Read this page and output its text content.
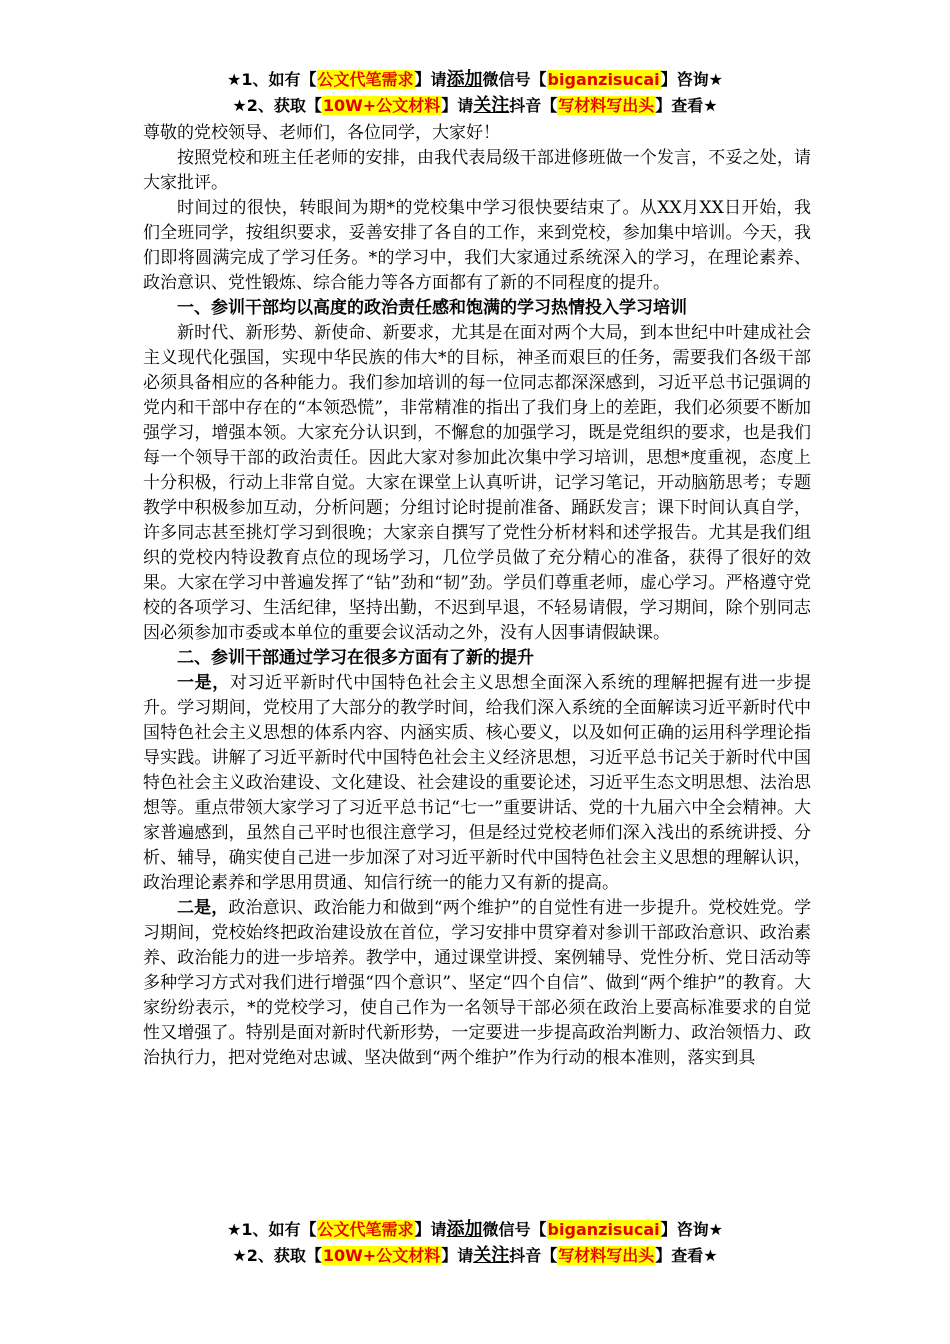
★1、如有【公文代笔需求】请添加微信号【biganzisucai】咨询★
★2、获取【10W+公文材料】请关注抖音【写材料写出头】查看★

尊敬的党校领导、老师们，各位同学，大家好！

按照党校和班主任老师的安排，由我代表局级干部进修班做一个发言，不妥之处，请大家批评。

时间过的很快，转眼间为期*的党校集中学习很快要结束了。从XX月XX日开始，我们全班同学，按组织要求，妥善安排了各自的工作，来到党校，参加集中培训。今天，我们即将圆满完成了学习任务。*的学习中，我们大家通过系统深入的学习，在理论素养、政治意识、党性锻炼、综合能力等各方面都有了新的不同程度的提升。

一、参训干部均以高度的政治责任感和饱满的学习热情投入学习培训

新时代、新形势、新使命、新要求，尤其是在面对两个大局，到本世纪中叶建成社会主义现代化强国，实现中华民族的伟大*的目标，神圣而艰巨的任务，需要我们各级干部必须具备相应的各种能力。我们参加培训的每一位同志都深深感到，习近平总书记强调的党内和干部中存在的“本领恐慌”，非常精准的指出了我们身上的差距，我们必须要不断加强学习，增强本领。大家充分认识到，不懈怠的加强学习，既是党组织的要求，也是我们每一个领导干部的政治责任。因此大家对参加此次集中学习培训，思想*度重视，态度上十分积极，行动上非常自觉。大家在课堂上认真听讲，记学习笔记，开动脑筋思考；专题教学中积极参加互动，分析问题；分组讨论时提前准备、踊跃发言；课下时间认真自学，许多同志甚至挑灯学习到很晚；大家亲自撰写了党性分析材料和述学报告。尤其是我们组织的党校内特设教育点位的现场学习，几位学员做了充分精心的准备，获得了很好的效果。大家在学习中普遍发挥了“钻”劲和“韧”劲。学员们尊重老师，虚心学习。严格遵守党校的各项学习、生活纪律，坚持出勤，不迟到早退，不轻易请假，学习期间，除个别同志因必须参加市委或本单位的重要会议活动之外，没有人因事请假缺课。

二、参训干部通过学习在很多方面有了新的提升

一是，对习近平新时代中国特色社会主义思想全面深入系统的理解把握有进一步提升。学习期间，党校用了大部分的教学时间，给我们深入系统的全面解读习近平新时代中国特色社会主义思想的体系内容、内涵实质、核心要义，以及如何正确的运用科学理论指导实践。讲解了习近平新时代中国特色社会主义经济思想，习近平总书记关于新时代中国特色社会主义政治建设、文化建设、社会建设的重要论述，习近平生态文明思想、法治思想等。重点带领大家学习了习近平总书记“七一”重要讲话、党的十九届六中全会精神。大家普遍感到，虽然自己平时也很注意学习，但是经过党校老师们深入浅出的系统讲授、分析、辅导，确实使自己进一步加深了对习近平新时代中国特色社会主义思想的理解认识，政治理论素养和学思用贯通、知信行统一的能力又有新的提高。

二是，政治意识、政治能力和做到“两个维护”的自觉性有进一步提升。党校姓党。学习期间，党校始终把政治建设放在首位，学习安排中贯穿着对参训干部政治意识、政治素养、政治能力的进一步培养。教学中，通过课堂讲授、案例辅导、党性分析、党日活动等多种学习方式对我们进行增强“四个意识”、坚定“四个自信”、做到“两个维护”的教育。大家纷纷表示，*的党校学习，使自己作为一名领导干部必须在政治上要高标准要求的自觉性又增强了。特别是面对新时代新形势，一定要进一步提高政治判断力、政治领悟力、政治执行力，把对党绝对忠诚、坚决做到“两个维护”作为行动的根本准则，落实到具

★1、如有【公文代笔需求】请添加微信号【biganzisucai】咨询★
★2、获取【10W+公文材料】请关注抖音【写材料写出头】查看★
